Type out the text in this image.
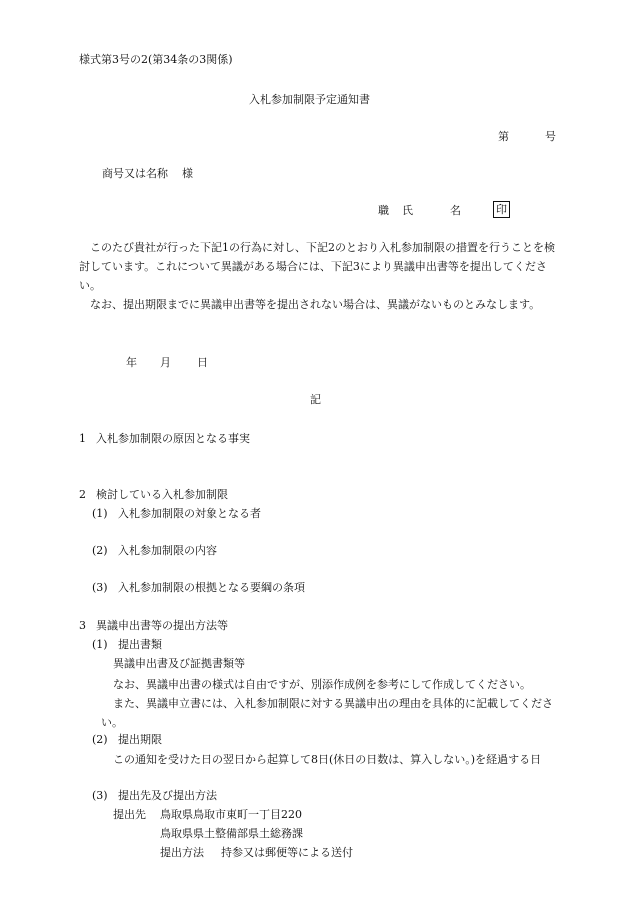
様式第3号の2(第34条の3関係)
入札参加制限予定通知書
第	号
商号又は名称 様
職 氏	名	印
このたび貴社が行った下記1の行為に対し、下記2のとおり入札参加制限の措置を行うことを検討しています。これについて異議がある場合には、下記3により異議申出書等を提出してください。
なお、提出期限までに異議申出書等を提出されない場合は、異議がないものとみなします。
年 月 日
記
1 入札参加制限の原因となる事実
2 検討している入札参加制限
(1) 入札参加制限の対象となる者
(2) 入札参加制限の内容
(3) 入札参加制限の根拠となる要綱の条項
3 異議申出書等の提出方法等
(1) 提出書類
異議申出書及び証拠書類等
なお、異議申出書の様式は自由ですが、別添作成例を参考にして作成してください。
また、異議申立書には、入札参加制限に対する異議申出の理由を具体的に記載してください。
(2) 提出期限
この通知を受けた日の翌日から起算して8日(休日の日数は、算入しない。)を経過する日
(3) 提出先及び提出方法
提出先 鳥取県鳥取市東町一丁目220
鳥取県県土整備部県土総務課
提出方法 持参又は郵便等による送付
